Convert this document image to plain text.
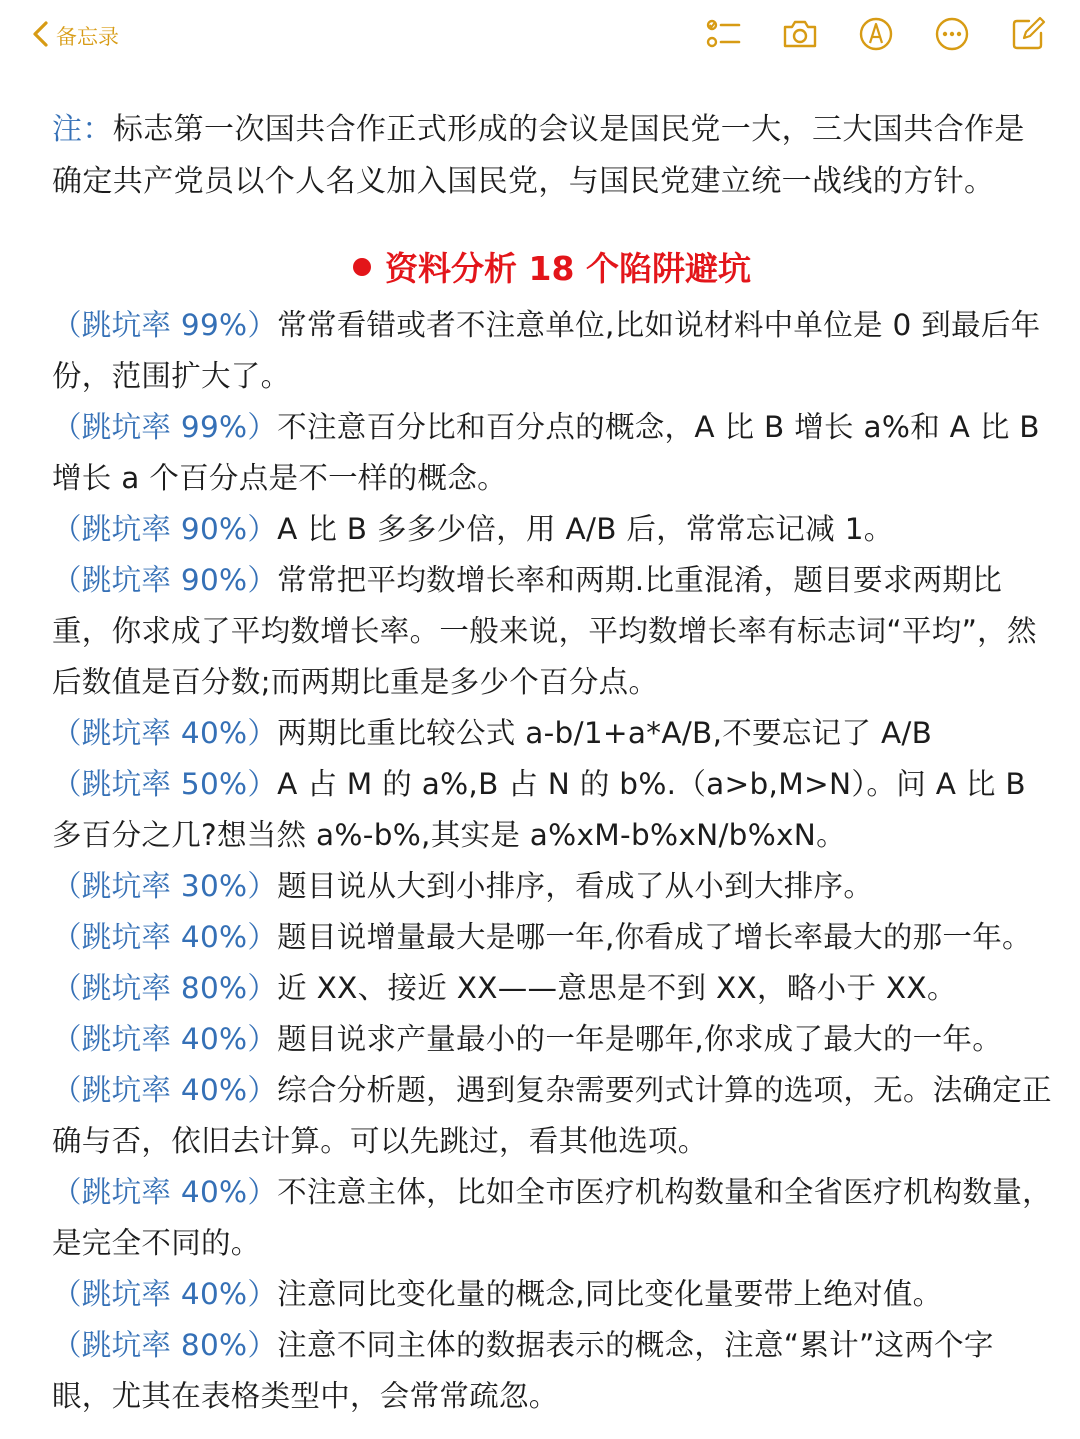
备忘录

注：标志第一次国共合作正式形成的会议是国民党一大，三大国共合作是确定共产党员以个人名义加入国民党，与国民党建立统一战线的方针。

资料分析 18 个陷阱避坑
（跳坑率 99%）常常看错或者不注意单位,比如说材料中单位是 0 到最后年份，范围扩大了。
（跳坑率 99%）不注意百分比和百分点的概念，A 比 B 增长 a%和 A 比 B 增长 a 个百分点是不一样的概念。
（跳坑率 90%）A 比 B 多多少倍，用 A/B 后，常常忘记减 1。
（跳坑率 90%）常常把平均数增长率和两期.比重混淆，题目要求两期比重，你求成了平均数增长率。一般来说，平均数增长率有标志词“平均”，然后数值是百分数;而两期比重是多少个百分点。
（跳坑率 40%）两期比重比较公式 a-b/1+a*A/B,不要忘记了 A/B
（跳坑率 50%）A 占 M 的 a%,B 占 N 的 b%.（a>b,M>N）。问 A 比 B 多百分之几?想当然 a%-b%,其实是 a%xM-b%xN/b%xN。
（跳坑率 30%）题目说从大到小排序，看成了从小到大排序。
（跳坑率 40%）题目说增量最大是哪一年,你看成了增长率最大的那一年。
（跳坑率 80%）近 XX、接近 XX——意思是不到 XX，略小于 XX。
（跳坑率 40%）题目说求产量最小的一年是哪年,你求成了最大的一年。
（跳坑率 40%）综合分析题，遇到复杂需要列式计算的选项，无。法确定正确与否，依旧去计算。可以先跳过，看其他选项。
（跳坑率 40%）不注意主体，比如全市医疗机构数量和全省医疗机构数量，是完全不同的。
（跳坑率 40%）注意同比变化量的概念,同比变化量要带上绝对值。
（跳坑率 80%）注意不同主体的数据表示的概念，注意“累计”这两个字眼，尤其在表格类型中，会常常疏忽。
